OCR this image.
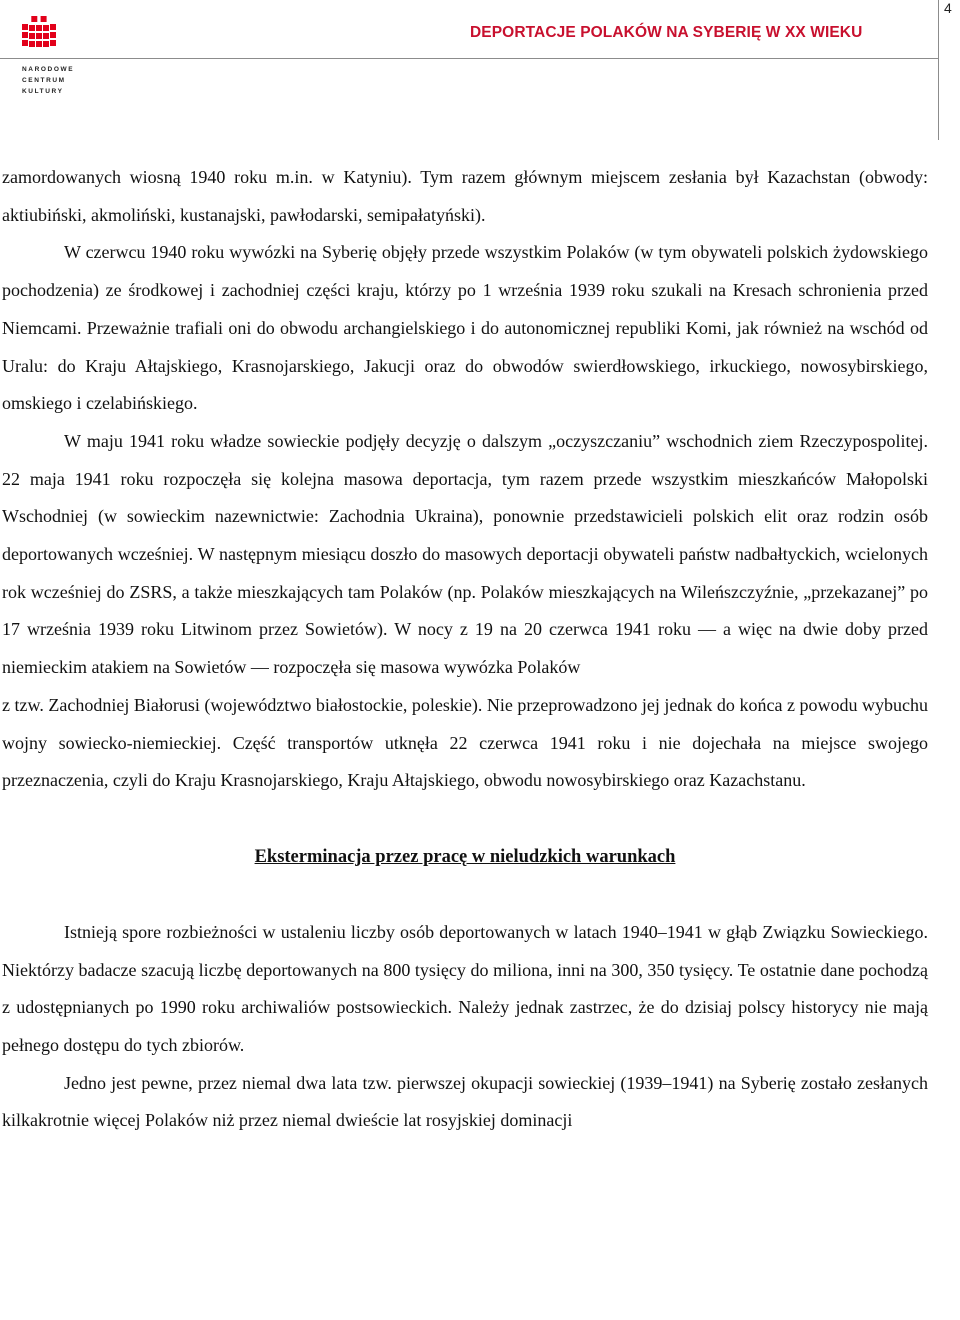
NARODOWE
CENTRUM
KULTURY
DEPORTACJE POLAKÓW NA SYBERIĘ W XX WIEKU
4

zamordowanych wiosną 1940 roku m.in. w Katyniu). Tym razem głównym miejscem zesłania był Kazachstan (obwody: aktiubiński, akmoliński, kustanajski, pawłodarski, semipałatyński).

W czerwcu 1940 roku wywózki na Syberię objęły przede wszystkim Polaków (w tym obywateli polskich żydowskiego pochodzenia) ze środkowej i zachodniej części kraju, którzy po 1 września 1939 roku szukali na Kresach schronienia przed Niemcami. Przeważnie trafiali oni do obwodu archangielskiego i do autonomicznej republiki Komi, jak również na wschód od Uralu: do Kraju Ałtajskiego, Krasnojarskiego, Jakucji oraz do obwodów swierdłowskiego, irkuckiego, nowosybirskiego, omskiego i czelabińskiego.

W maju 1941 roku władze sowieckie podjęły decyzję o dalszym „oczyszczaniu” wschodnich ziem Rzeczypospolitej. 22 maja 1941 roku rozpoczęła się kolejna masowa deportacja, tym razem przede wszystkim mieszkańców Małopolski Wschodniej (w sowieckim nazewnictwie: Zachodnia Ukraina), ponownie przedstawicieli polskich elit oraz rodzin osób deportowanych wcześniej. W następnym miesiącu doszło do masowych deportacji obywateli państw nadbałtyckich, wcielonych rok wcześniej do ZSRS, a także mieszkających tam Polaków (np. Polaków mieszkających na Wileńszczyźnie, „przekazanej” po 17 września 1939 roku Litwinom przez Sowietów). W nocy z 19 na 20 czerwca 1941 roku — a więc na dwie doby przed niemieckim atakiem na Sowietów — rozpoczęła się masowa wywózka Polaków

z tzw. Zachodniej Białorusi (województwo białostockie, poleskie). Nie przeprowadzono jej jednak do końca z powodu wybuchu wojny sowiecko-niemieckiej. Część transportów utknęła 22 czerwca 1941 roku i nie dojechała na miejsce swojego przeznaczenia, czyli do Kraju Krasnojarskiego, Kraju Ałtajskiego, obwodu nowosybirskiego oraz Kazachstanu.

Eksterminacja przez pracę w nieludzkich warunkach

Istnieją spore rozbieżności w ustaleniu liczby osób deportowanych w latach 1940–1941 w głąb Związku Sowieckiego. Niektórzy badacze szacują liczbę deportowanych na 800 tysięcy do miliona, inni na 300, 350 tysięcy. Te ostatnie dane pochodzą z udostępnianych po 1990 roku archiwaliów postsowieckich. Należy jednak zastrzec, że do dzisiaj polscy historycy nie mają pełnego dostępu do tych zbiorów.

Jedno jest pewne, przez niemal dwa lata tzw. pierwszej okupacji sowieckiej (1939–1941) na Syberię zostało zesłanych kilkakrotnie więcej Polaków niż przez niemal dwieście lat rosyjskiej dominacji
